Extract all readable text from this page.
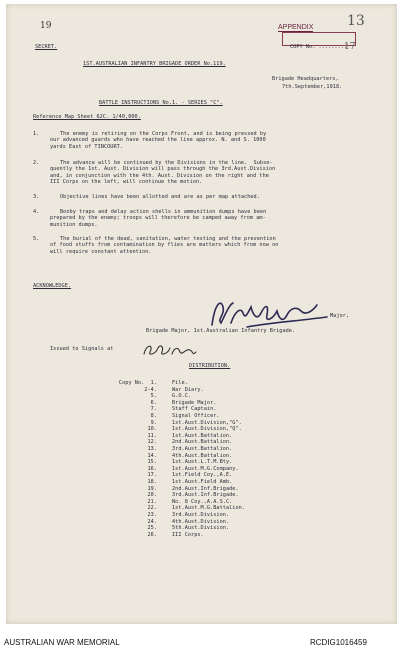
19	APPENDIX 13
17
SECRET.	COPY No. .........
1ST.AUSTRALIAN INFANTRY BRIGADE ORDER No.119.
Brigade Headquarters,
7th.September,1918.
BATTLE INSTRUCTIONS No.1. - SERIES "C".
Reference Map Sheet 62C. 1/40,000.
1.	The enemy is retiring on the Corps Front, and is being pressed by
our advanced guards who have reached the line approx. N. and S. 1000
yards East of TINCOURT.
2.	The advance will be continued by the Divisions in the line.  Subse-
quently the 1st. Aust. Division will pass through the 3rd.Aust.Division
and, in conjunction with the 4th. Aust. Division on the right and the
III Corps on the left, will continue the motion.
3.	Objective lines have been allotted and are as per map attached.
4.	Booby traps and delay action shells in ammunition dumps have been
prepared by the enemy; troops will therefore be camped away from am-
munition dumps.
5.	The burial of the dead, sanitation, water testing and the prevention
of food stuffs from contamination by flies are matters which from now on
will require constant attention.
ACKNOWLEDGE.
Major,
Brigade Major, 1st.Australian Infantry Brigade.
Issued to Signals at
DISTRIBUTION.
Copy No.  1.	File.
2-4.	War Diary.
5.	G.O.C.
6.	Brigade Major.
7.	Staff Captain.
8.	Signal Officer.
9.	1st.Aust.Division,"G".
10.	1st.Aust.Division,"Q".
11.	1st.Aust.Battalion.
12.	2nd.Aust.Battalion.
13.	3rd.Aust.Battalion.
14.	4th.Aust.Battalion.
15.	1st.Aust.L.T.M.Bty.
16.	1st.Aust.M.G.Company.
17.	1st.Field Coy.,A.E.
18.	1st.Aust.Field Amb.
19.	2nd.Aust.Inf.Brigade.
20.	3rd.Aust.Inf.Brigade.
21.	No. 8 Coy.,A.A.S.C.
22.	1st.Aust.M.G.Battalion.
23.	3rd.Aust.Division.
24.	4th.Aust.Division.
25.	5th.Aust.Division.
26.	III Corps.
AUSTRALIAN WAR MEMORIAL	RCDIG1016459
